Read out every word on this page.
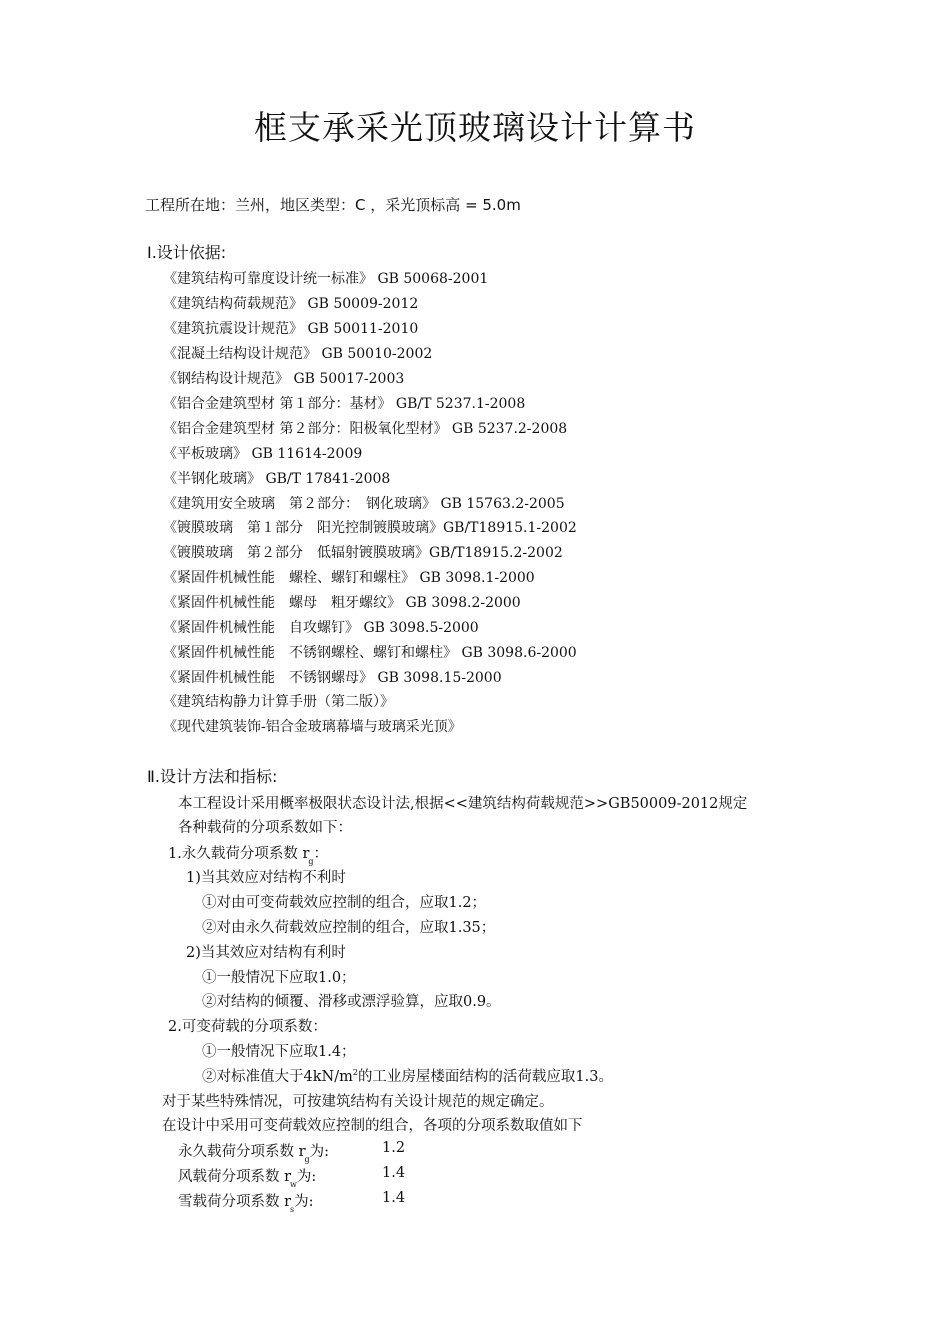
框支承采光顶玻璃设计计算书
工程所在地：兰州，地区类型：C ，采光顶标高 = 5.0m
Ⅰ.设计依据:
《建筑结构可靠度设计统一标准》 GB 50068-2001
《建筑结构荷载规范》 GB 50009-2012
《建筑抗震设计规范》 GB 50011-2010
《混凝土结构设计规范》 GB 50010-2002
《钢结构设计规范》 GB 50017-2003
《铝合金建筑型材 第１部分：基材》 GB/T 5237.1-2008
《铝合金建筑型材 第２部分：阳极氧化型材》 GB 5237.2-2008
《平板玻璃》 GB 11614-2009
《半钢化玻璃》 GB/T 17841-2008
《建筑用安全玻璃　第２部分：　钢化玻璃》 GB 15763.2-2005
《镀膜玻璃　第１部分　阳光控制镀膜玻璃》GB/T18915.1-2002
《镀膜玻璃　第２部分　低辐射镀膜玻璃》GB/T18915.2-2002
《紧固件机械性能　螺栓、螺钉和螺柱》 GB 3098.1-2000
《紧固件机械性能　螺母　粗牙螺纹》 GB 3098.2-2000
《紧固件机械性能　自攻螺钉》 GB 3098.5-2000
《紧固件机械性能　不锈钢螺栓、螺钉和螺柱》 GB 3098.6-2000
《紧固件机械性能　不锈钢螺母》 GB 3098.15-2000
《建筑结构静力计算手册（第二版）》
《现代建筑装饰-铝合金玻璃幕墙与玻璃采光顶》
Ⅱ.设计方法和指标:
本工程设计采用概率极限状态设计法,根据<<建筑结构荷载规范>>GB50009-2012规定
各种载荷的分项系数如下：
1.永久载荷分项系数 $r_g$：
1)当其效应对结构不利时
①对由可变荷载效应控制的组合，应取1.2；
②对由永久荷载效应控制的组合，应取1.35；
2)当其效应对结构有利时
①一般情况下应取1.0；
②对结构的倾覆、滑移或漂浮验算，应取0.9。
2.可变荷载的分项系数：
①一般情况下应取1.4；
②对标准值大于$4kN/m^2$的工业房屋楼面结构的活荷载应取1.3。
对于某些特殊情况，可按建筑结构有关设计规范的规定确定。
在设计中采用可变荷载效应控制的组合，各项的分项系数取值如下
永久载荷分项系数 $r_g$为:	1.2
风载荷分项系数 $r_w$为:	1.4
雪载荷分项系数 $r_s$为:	1.4
